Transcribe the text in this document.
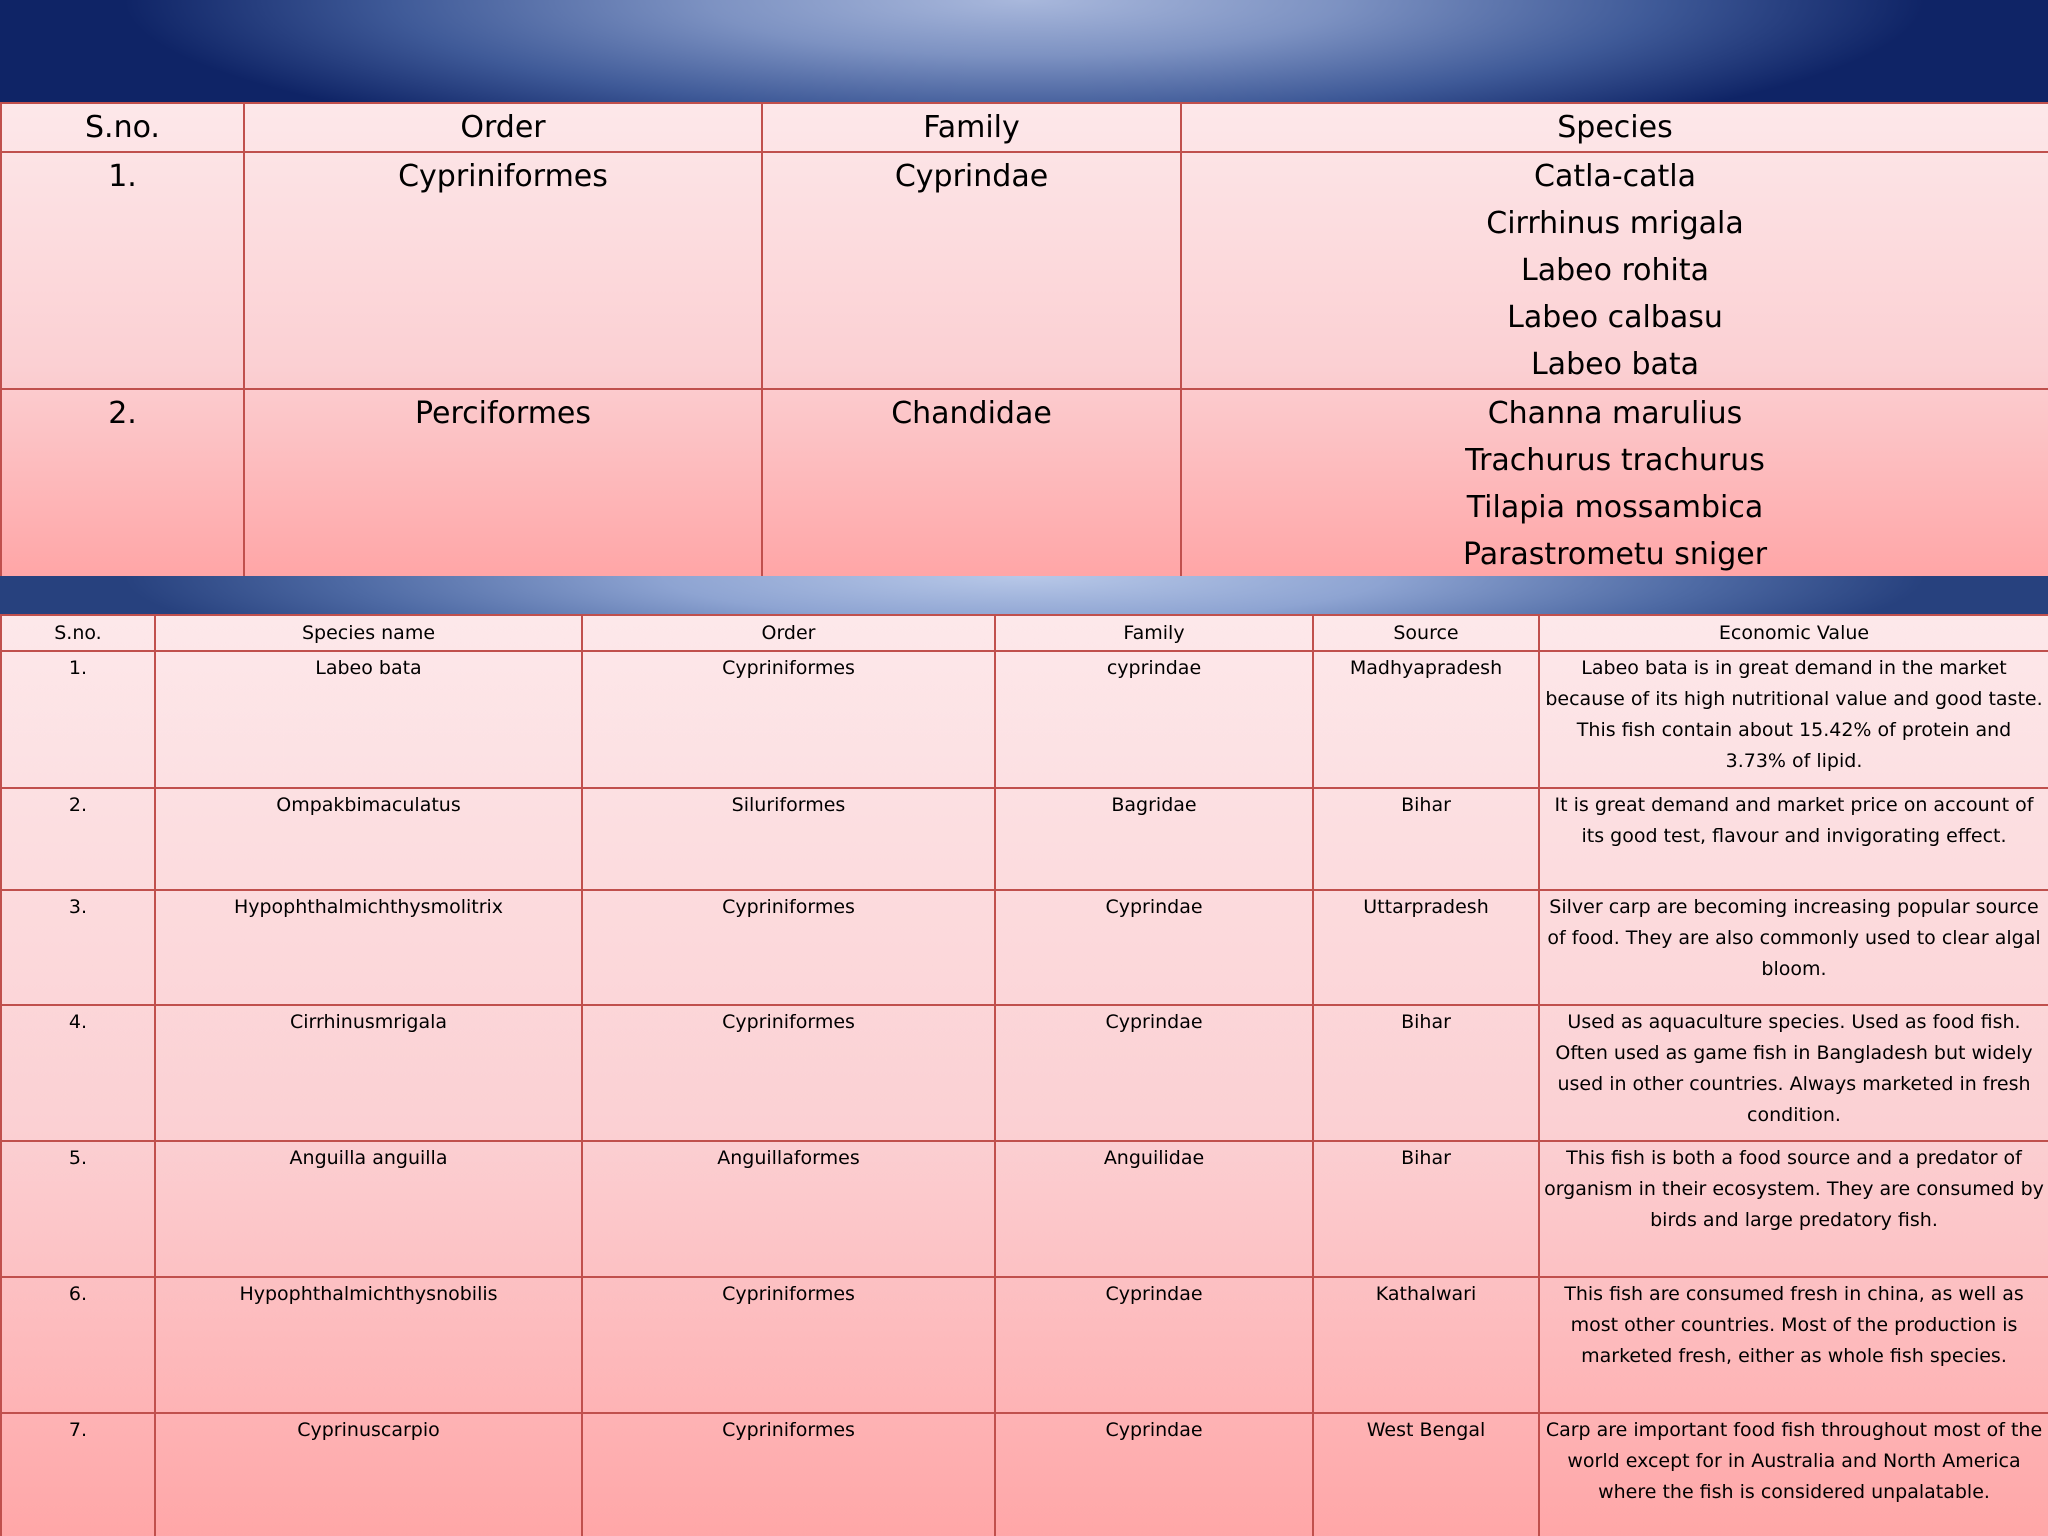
S.no.	Order	Family	Species
1.	Cypriniformes	Cyprindae	Catla-catla
Cirrhinus mrigala
Labeo rohita
Labeo calbasu
Labeo bata

2.	Perciformes	Chandidae	Channa marulius
Trachurus trachurus
Tilapia mossambica
Parastrometu sniger
S.no.	Species name	Order	Family	Source	Economic Value
1.	Labeo bata	Cypriniformes	cyprindae	Madhyapradesh	Labeo bata is in great demand in the market because of its high nutritional value and good taste. This fish contain about 15.42% of protein and 3.73% of lipid.
2.	Ompakbimaculatus	Siluriformes	Bagridae	Bihar	It is great demand and market price on account of its good test, flavour and invigorating effect.
3.	Hypophthalmichthysmolitrix	Cypriniformes	Cyprindae	Uttarpradesh	Silver carp are becoming increasing popular source of food. They are also commonly used to clear algal bloom.
4.	Cirrhinusmrigala	Cypriniformes	Cyprindae	Bihar	Used as aquaculture species. Used as food fish. Often used as game fish in Bangladesh but widely used in other countries. Always marketed in fresh condition.
5.	Anguilla anguilla	Anguillaformes	Anguilidae	Bihar	This fish is both a food source and a predator of organism in their ecosystem. They are consumed by birds and large predatory fish.
6.	Hypophthalmichthysnobilis	Cypriniformes	Cyprindae	Kathalwari	This fish are consumed fresh in china, as well as most other countries. Most of the production is marketed fresh, either as whole fish species.
7.	Cyprinuscarpio	Cypriniformes	Cyprindae	West Bengal	Carp are important food fish throughout most of the world except for in Australia and North America where the fish is considered unpalatable.
